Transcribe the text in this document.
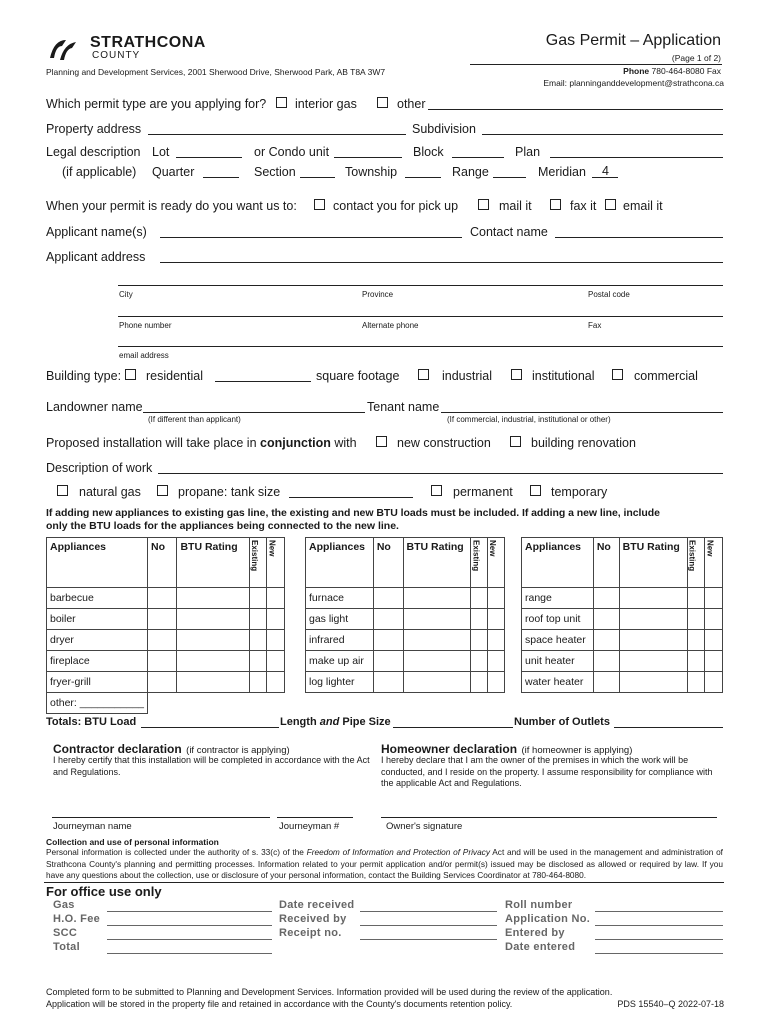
STRATHCONA
COUNTY
Planning and Development Services, 2001 Sherwood Drive, Sherwood Park, AB T8A 3W7
Gas Permit – Application
(Page 1 of 2)
Phone 780-464-8080 Fax
Email: planninganddevelopment@strathcona.ca
Which permit type are you applying for? interior gas	other
Property address	Subdivision
Legal description Lot	or Condo unit	Block	Plan
(if applicable) Quarter	Section	Township	Range	Meridian 4
When your permit is ready do you want us to:	contact you for pick up	mail it	fax it email it
Applicant name(s)	Contact name
Applicant address
City	Province	Postal code
Phone number	Alternate phone	Fax
email address
Building type: residential	square footage	industrial	institutional	commercial
Landowner name
(If different than applicant)
Tenant name
(If commercial, industrial, institutional or other)
Proposed installation will take place in conjunction with	new construction	building renovation
Description of work
natural gas	propane: tank size	permanent	temporary
If adding new appliances to existing gas line, the existing and new BTU loads must be included. If adding a new line, include
only the BTU loads for the appliances being connected to the new line.
Appliances	No	BTU Rating	Existing	New

barbecue				
boiler				
dryer				
fireplace				
fryer-grill				
other: ___________				
Appliances	No	BTU Rating	Existing	New

furnace				
gas light				
infrared				
make up air				
log lighter				
Appliances	No	BTU Rating	Existing	New

range				
roof top unit				
space heater				
unit heater				
water heater				
Totals: BTU Load	Length and Pipe Size	Number of Outlets
Contractor declaration (if contractor is applying)
I hereby certify that this installation will be completed in accordance with the Act and Regulations.
Journeyman name	Journeyman #
Homeowner declaration (if homeowner is applying)
I hereby declare that I am the owner of the premises in which the work will be conducted, and I reside on the property. I assume responsibility for compliance with the applicable Act and Regulations.
Owner's signature
Collection and use of personal information
Personal information is collected under the authority of s. 33(c) of the Freedom of Information and Protection of Privacy Act and will be used in the management and administration of Strathcona County's planning and permitting processes. Information related to your permit application and/or permit(s) issued may be disclosed as allowed or required by law. If you have any questions about the collection, use or disclosure of your personal information, contact the Building Services Coordinator at 780-464-8080.
For office use only
Gas
H.O. Fee
SCC
Total
Date received
Received by
Receipt no.
Roll number
Application No.
Entered by
Date entered
Completed form to be submitted to Planning and Development Services. Information provided will be used during the review of the application.
Application will be stored in the property file and retained in accordance with the County's documents retention policy.	PDS 15540–Q 2022-07-18
